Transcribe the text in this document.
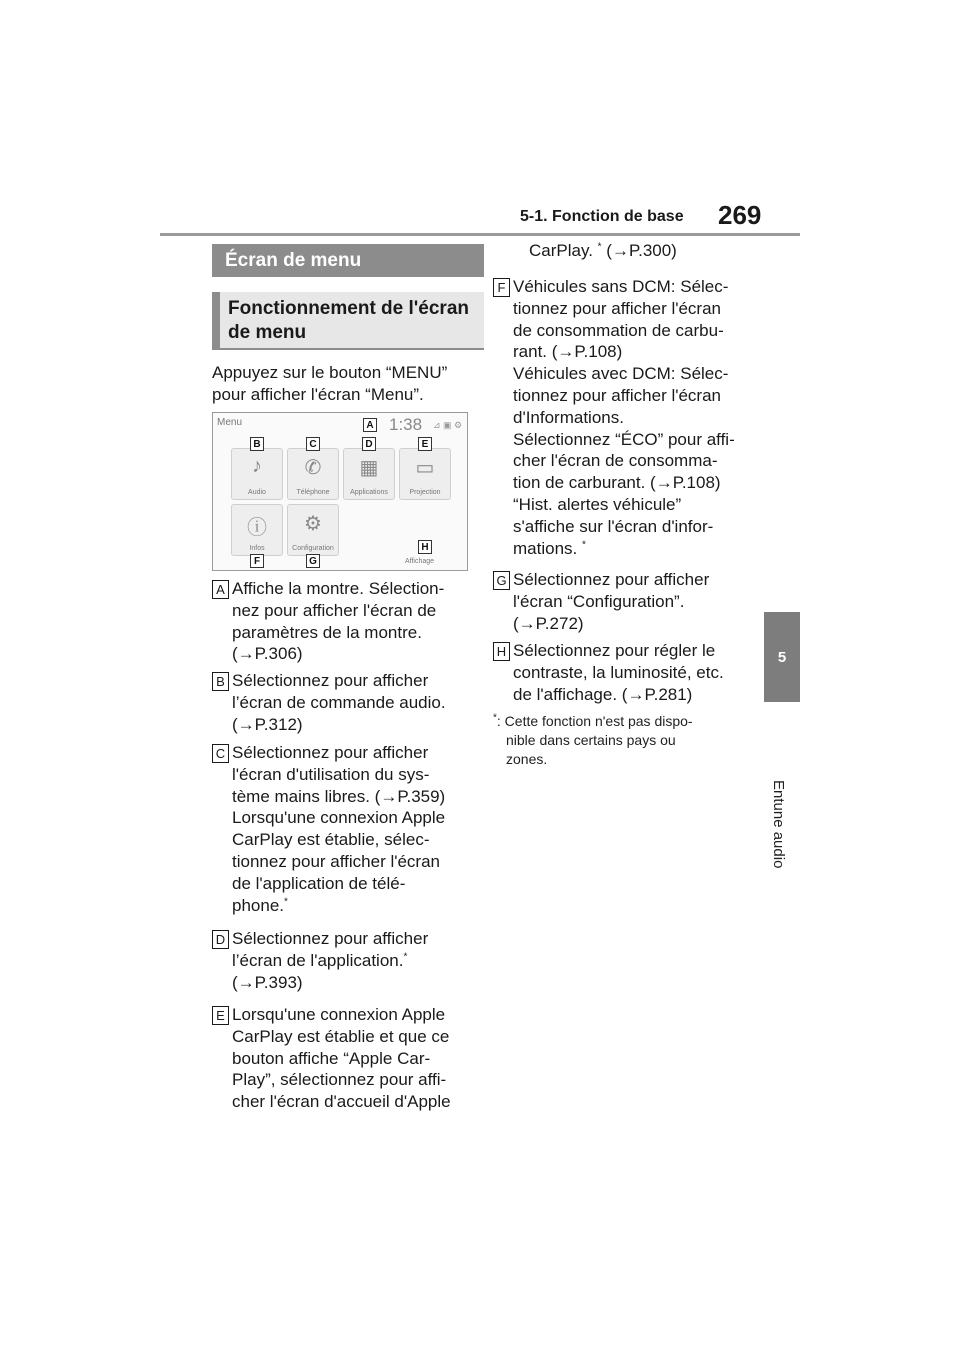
5-1. Fonction de base 269
5
Entune audio
Écran de menu
Fonctionnement de l'écran de menu
Appuyez sur le bouton “MENU” pour afficher l'écran “Menu”.
Menu	1:38 ⊿ ▣ ⚙
♪
Audio
✆
Téléphone
▦
Applications
▭
Projection
ⓘ
Infos
⚙
Configuration
Affichage
A
B	C	D	E
F	G
H
A Affiche la montre. Sélection-
nez pour afficher l'écran de
paramètres de la montre.
(→P.306)
B Sélectionnez pour afficher
l’écran de commande audio.
(→P.312)
C Sélectionnez pour afficher
l'écran d'utilisation du sys-
tème mains libres. (→P.359)
Lorsqu'une connexion Apple
CarPlay est établie, sélec-
tionnez pour afficher l'écran
de l'application de télé-
phone.*
D Sélectionnez pour afficher
l’écran de l'application.*
(→P.393)
E Lorsqu'une connexion Apple
CarPlay est établie et que ce
bouton affiche “Apple Car-
Play”, sélectionnez pour affi-
cher l'écran d'accueil d'Apple
CarPlay. * (→P.300)
F Véhicules sans DCM: Sélec-
tionnez pour afficher l'écran
de consommation de carbu-
rant. (→P.108)
Véhicules avec DCM: Sélec-
tionnez pour afficher l'écran
d'Informations.
Sélectionnez “ÉCO” pour affi-
cher l'écran de consomma-
tion de carburant. (→P.108)
“Hist. alertes véhicule”
s'affiche sur l'écran d'infor-
mations. *
G Sélectionnez pour afficher
l'écran “Configuration”.
(→P.272)
H Sélectionnez pour régler le
contraste, la luminosité, etc.
de l'affichage. (→P.281)
*: Cette fonction n'est pas dispo-
nible dans certains pays ou
zones.
